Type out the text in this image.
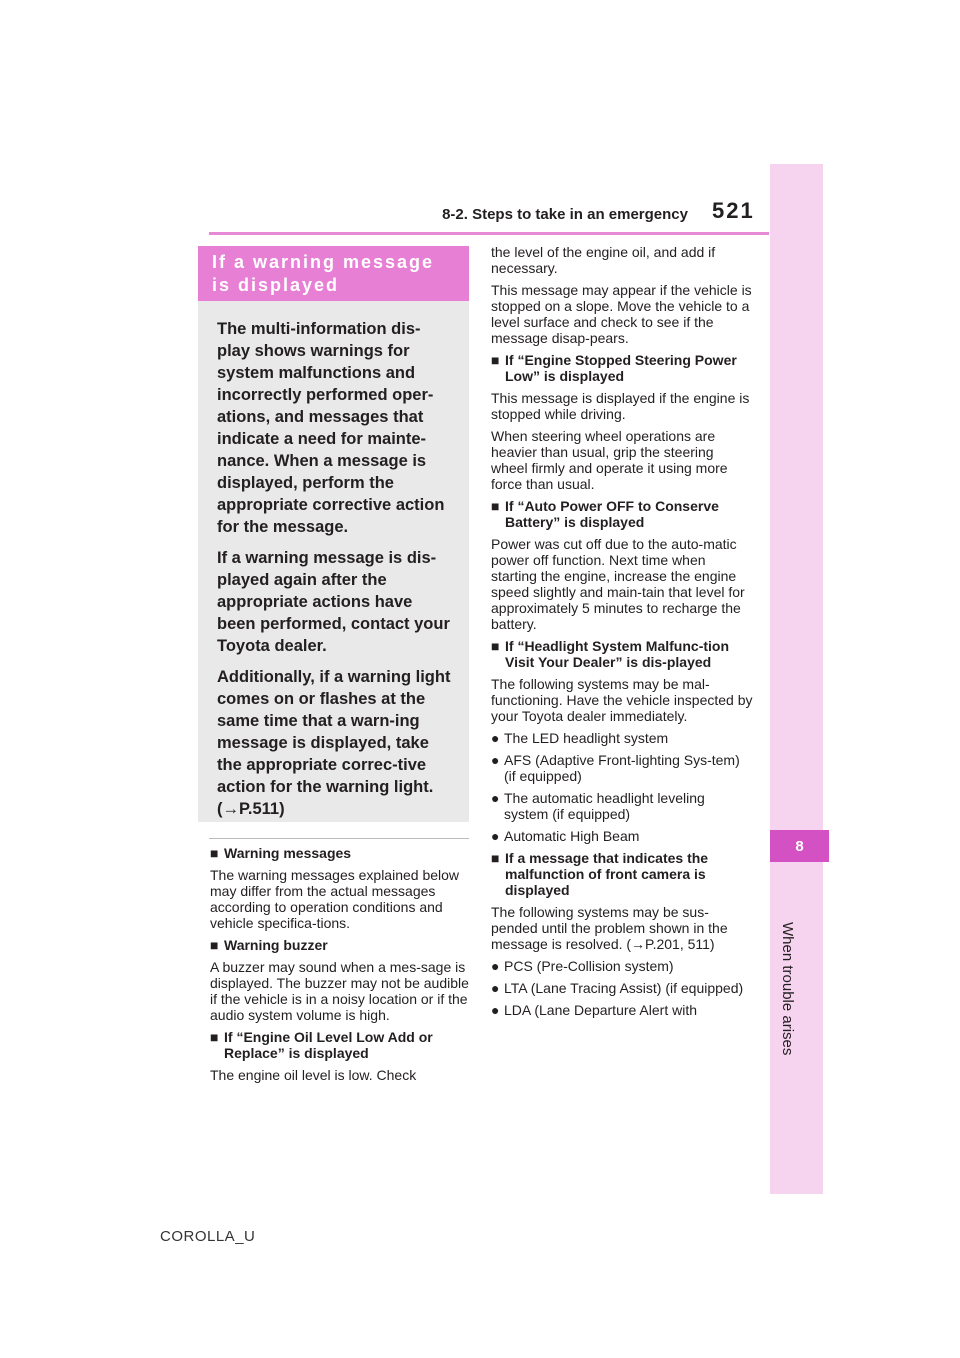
8
When trouble arises
8-2. Steps to take in an emergency 521
If a warning message
is displayed

The multi-information dis-play shows warnings for system malfunctions and incorrectly performed oper-ations, and messages that indicate a need for mainte-nance. When a message is displayed, perform the appropriate corrective action for the message.

If a warning message is dis-played again after the appropriate actions have been performed, contact your Toyota dealer.

Additionally, if a warning light comes on or flashes at the same time that a warn-ing message is displayed, take the appropriate correc-tive action for the warning light. (→P.511)

■ Warning messages

The warning messages explained below may differ from the actual messages according to operation conditions and vehicle specifica-tions.

■ Warning buzzer

A buzzer may sound when a mes-sage is displayed. The buzzer may not be audible if the vehicle is in a noisy location or if the audio system volume is high.

■ If “Engine Oil Level Low Add or Replace” is displayed

The engine oil level is low. Check

the level of the engine oil, and add if necessary.

This message may appear if the vehicle is stopped on a slope. Move the vehicle to a level surface and check to see if the message disap-pears.

■ If “Engine Stopped Steering Power Low” is displayed

This message is displayed if the engine is stopped while driving.

When steering wheel operations are heavier than usual, grip the steering wheel firmly and operate it using more force than usual.

■ If “Auto Power OFF to Conserve Battery” is displayed

Power was cut off due to the auto-matic power off function. Next time when starting the engine, increase the engine speed slightly and main-tain that level for approximately 5 minutes to recharge the battery.

■ If “Headlight System Malfunc-tion Visit Your Dealer” is dis-played

The following systems may be mal-functioning. Have the vehicle inspected by your Toyota dealer immediately.

● The LED headlight system

● AFS (Adaptive Front-lighting Sys-tem) (if equipped)

● The automatic headlight leveling system (if equipped)

● Automatic High Beam

■ If a message that indicates the malfunction of front camera is displayed

The following systems may be sus-pended until the problem shown in the message is resolved. (→P.201, 511)

● PCS (Pre-Collision system)

● LTA (Lane Tracing Assist) (if equipped)

● LDA (Lane Departure Alert with

COROLLA_U
